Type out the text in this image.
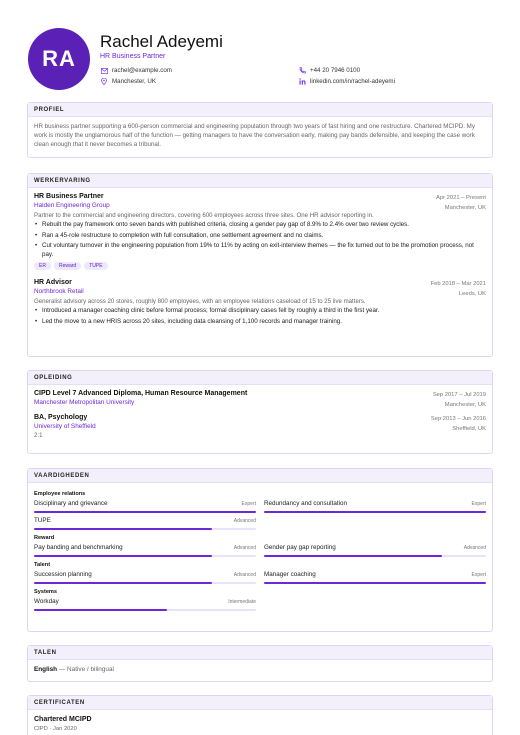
RA
Rachel Adeyemi
HR Business Partner
rachel@example.com
Manchester, UK
+44 20 7946 0100
linkedin.com/in/rachel-adeyemi
PROFIEL
HR business partner supporting a 600-person commercial and engineering population through two years of fast hiring and one restructure. Chartered MCIPD. My work is mostly the unglamorous half of the function — getting managers to have the conversation early, making pay bands defensible, and keeping the case work clean enough that it never becomes a tribunal.
WERKERVARING
HR Business Partner
Halden Engineering Group
Apr 2021 – Present
Manchester, UK
Partner to the commercial and engineering directors, covering 600 employees across three sites. One HR advisor reporting in.
• Rebuilt the pay framework onto seven bands with published criteria, closing a gender pay gap of 8.9% to 2.4% over two review cycles.
• Ran a 45-role restructure to completion with full consultation, one settlement agreement and no claims.
• Cut voluntary turnover in the engineering population from 19% to 11% by acting on exit-interview themes — the fix turned out to be the promotion process, not pay.
ER	Reward	TUPE
HR Advisor
Northbrook Retail
Feb 2018 – Mar 2021
Leeds, UK
Generalist advisory across 20 stores, roughly 800 employees, with an employee relations caseload of 15 to 25 live matters.
• Introduced a manager coaching clinic before formal process; formal disciplinary cases fell by roughly a third in the first year.
• Led the move to a new HRIS across 20 sites, including data cleansing of 1,100 records and manager training.
OPLEIDING
CIPD Level 7 Advanced Diploma, Human Resource Management
Manchester Metropolitan University
Sep 2017 – Jul 2019
Manchester, UK
BA, Psychology
University of Sheffield
Sep 2013 – Jun 2016
Sheffield, UK
2:1
VAARDIGHEDEN
Employee relations
Disciplinary and grievance	Expert Redundancy and consultation	Expert
TUPE	Advanced
Reward
Pay banding and benchmarking	Advanced Gender pay gap reporting	Advanced
Talent
Succession planning	Advanced Manager coaching	Expert
Systems
Workday	Intermediate
TALEN
English — Native / bilingual
CERTIFICATEN
Chartered MCIPD
CIPD · Jan 2020
